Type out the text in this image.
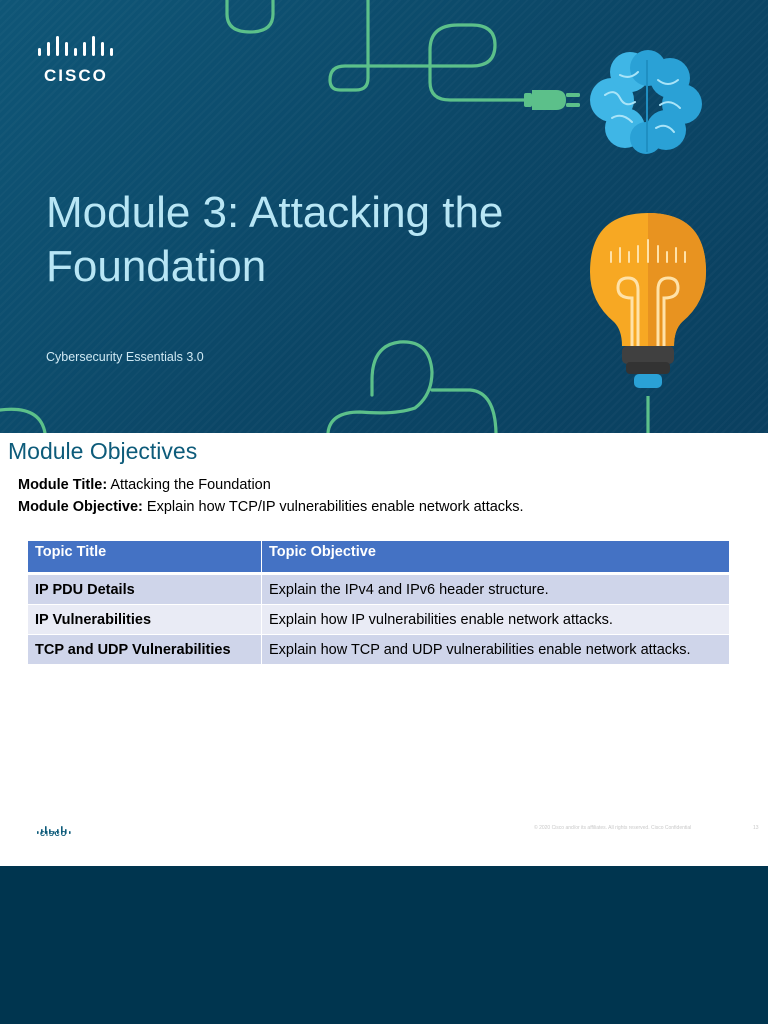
CISCO
Module 3: Attacking the Foundation
Cybersecurity Essentials 3.0
Module Objectives
Module Title: Attacking the Foundation
Module Objective: Explain how TCP/IP vulnerabilities enable network attacks.
Topic Title	Topic Objective
IP PDU Details	Explain the IPv4 and IPv6 header structure.
IP Vulnerabilities	Explain how IP vulnerabilities enable network attacks.
TCP and UDP Vulnerabilities	Explain how TCP and UDP vulnerabilities enable network attacks.
CISCO
© 2020 Cisco and/or its affiliates. All rights reserved. Cisco Confidential	13
